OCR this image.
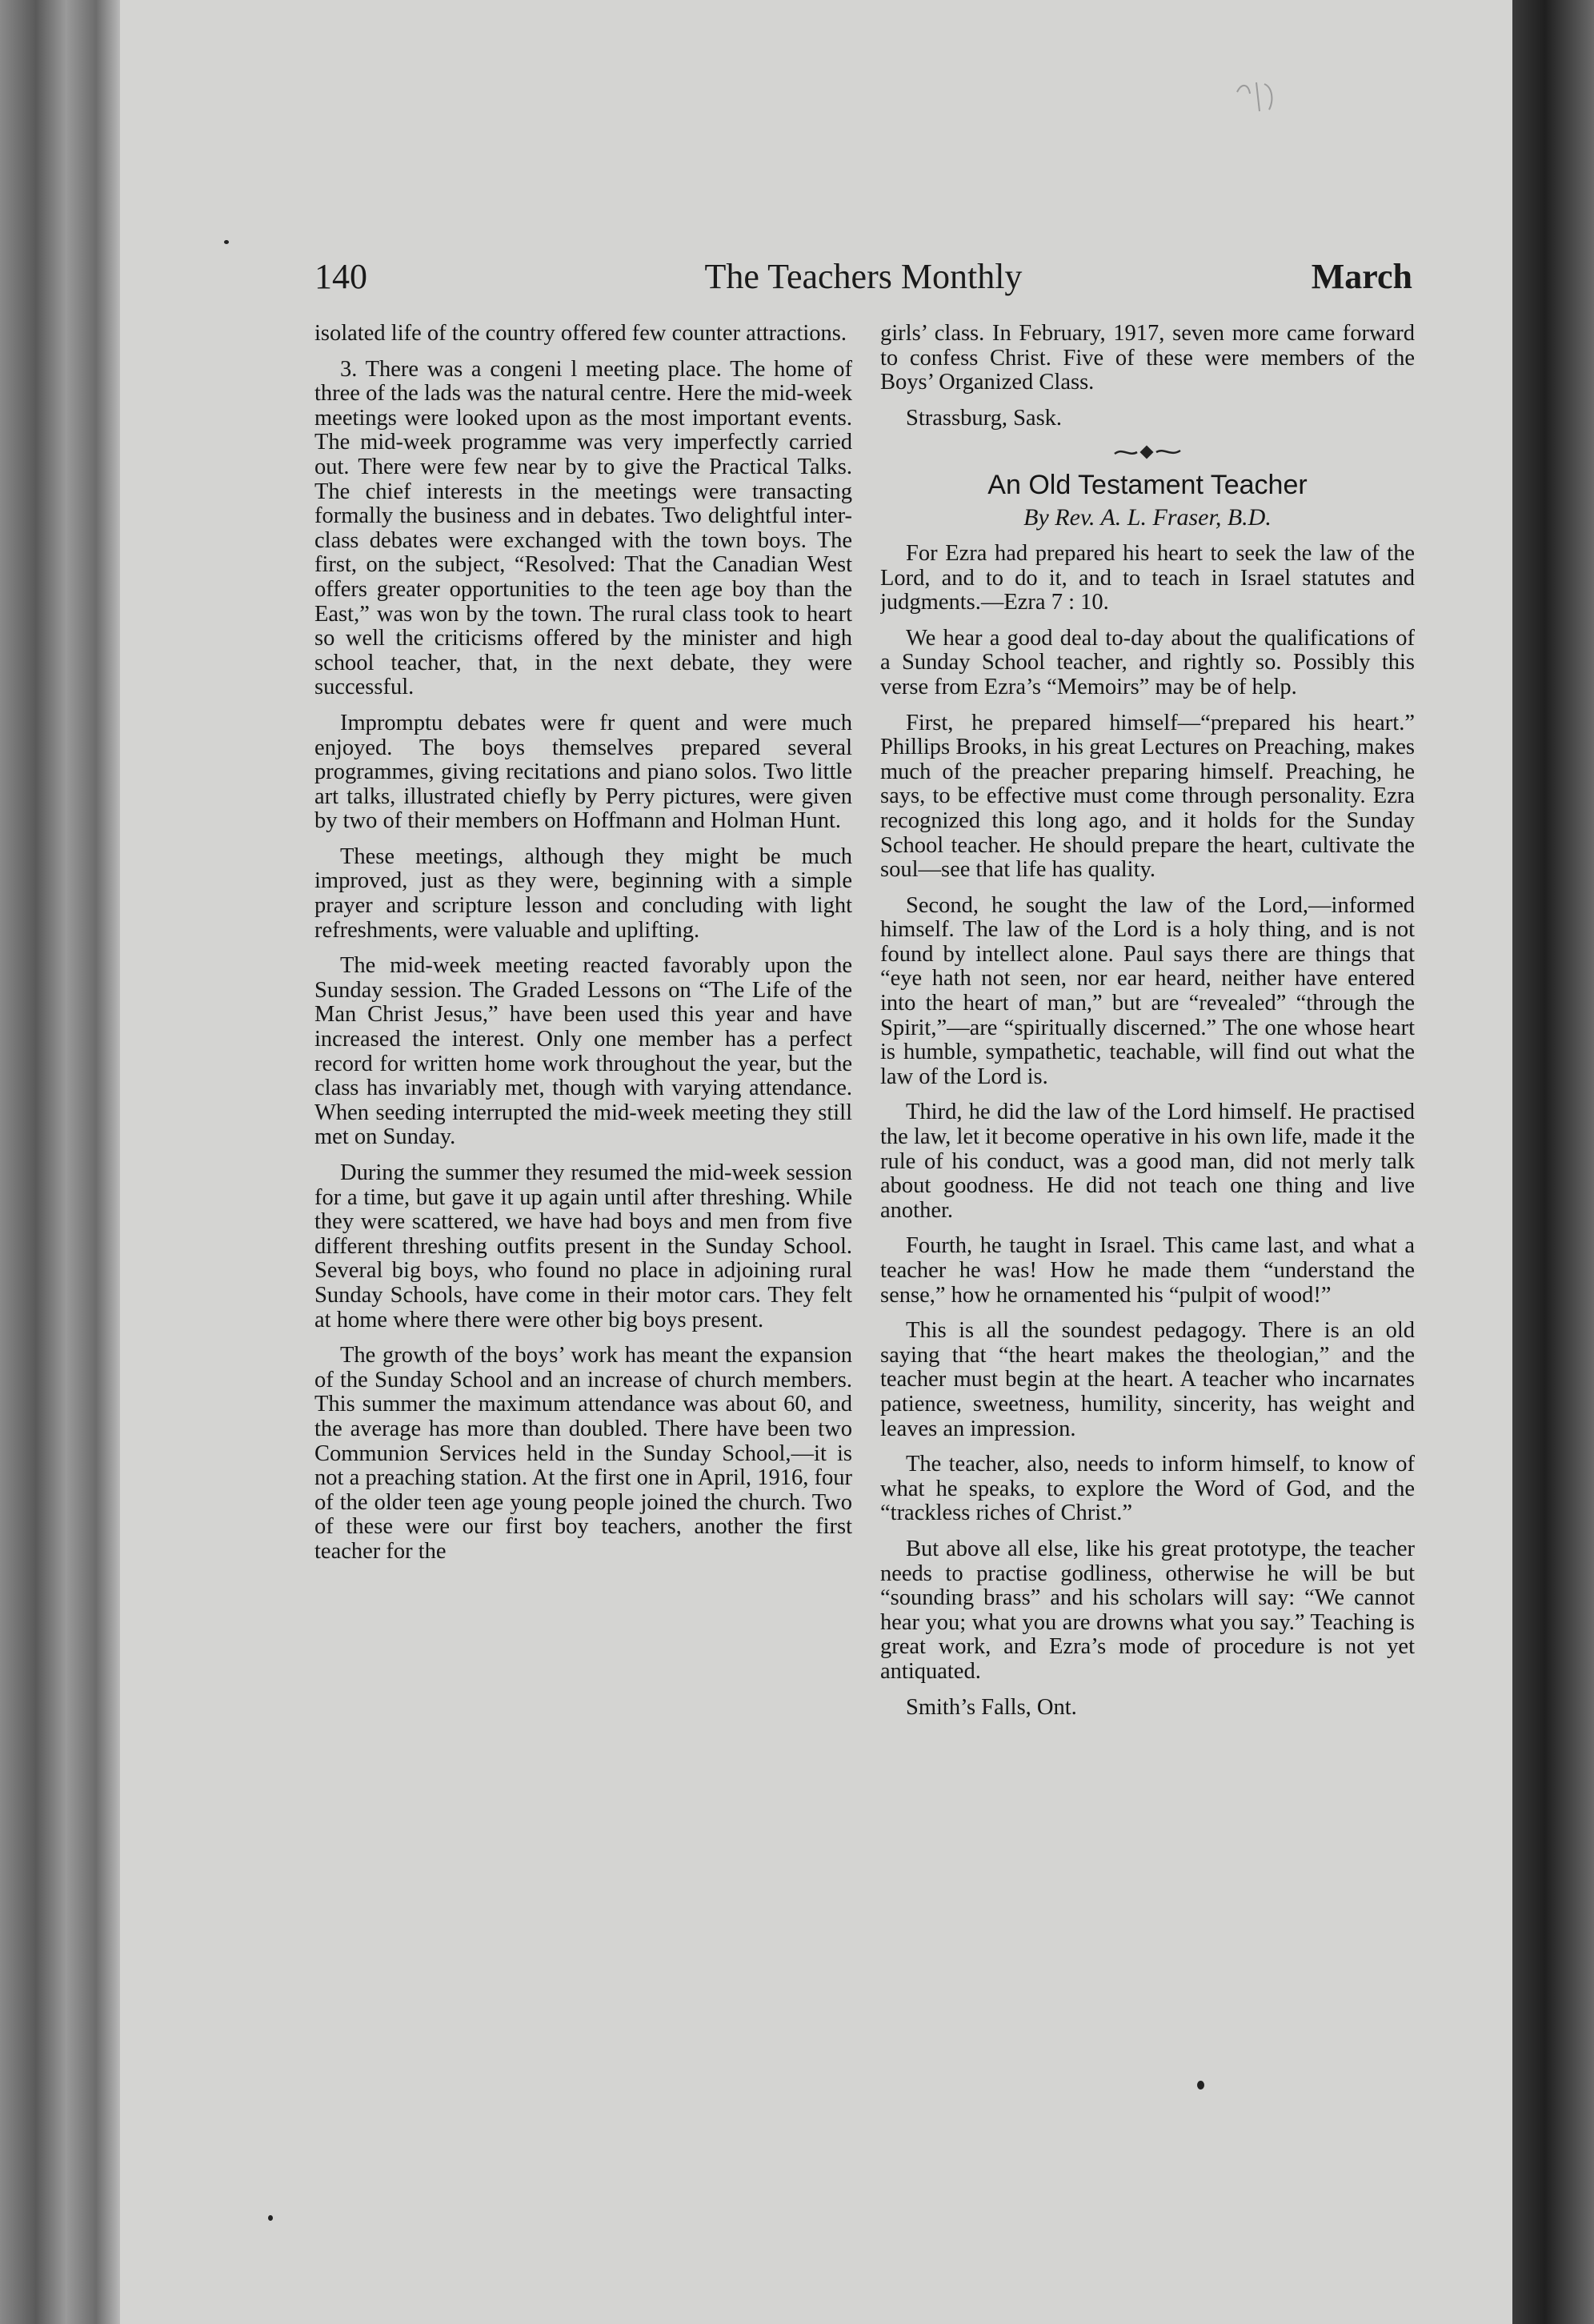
140	The Teachers Monthly	March

isolated life of the country offered few counter attractions.

3. There was a congeni l meeting place. The home of three of the lads was the natural centre. Here the mid-week meetings were looked upon as the most important events. The mid-week programme was very imperfectly carried out. There were few near by to give the Practical Talks. The chief interests in the meetings were transacting formally the business and in debates. Two delightful inter-class debates were exchanged with the town boys. The first, on the subject, “Resolved: That the Canadian West offers greater opportunities to the teen age boy than the East,” was won by the town. The rural class took to heart so well the criticisms offered by the minister and high school teacher, that, in the next debate, they were successful.

Impromptu debates were fr quent and were much enjoyed. The boys themselves prepared several programmes, giving recitations and piano solos. Two little art talks, illustrated chiefly by Perry pictures, were given by two of their members on Hoffmann and Holman Hunt.

These meetings, although they might be much improved, just as they were, beginning with a simple prayer and scripture lesson and concluding with light refreshments, were valuable and uplifting.

The mid-week meeting reacted favorably upon the Sunday session. The Graded Lessons on “The Life of the Man Christ Jesus,” have been used this year and have increased the interest. Only one member has a perfect record for written home work throughout the year, but the class has invariably met, though with varying attendance. When seeding interrupted the mid-week meeting they still met on Sunday.

During the summer they resumed the mid-week session for a time, but gave it up again until after threshing. While they were scattered, we have had boys and men from five different threshing outfits present in the Sunday School. Several big boys, who found no place in adjoining rural Sunday Schools, have come in their motor cars. They felt at home where there were other big boys present.

The growth of the boys’ work has meant the expansion of the Sunday School and an increase of church members. This summer the maximum attendance was about 60, and the average has more than doubled. There have been two Communion Services held in the Sunday School,—it is not a preaching station. At the first one in April, 1916, four of the older teen age young people joined the church. Two of these were our first boy teachers, another the first teacher for the

girls’ class. In February, 1917, seven more came forward to confess Christ. Five of these were members of the Boys’ Organized Class.

Strassburg, Sask.

An Old Testament Teacher
By Rev. A. L. Fraser, B.D.

For Ezra had prepared his heart to seek the law of the Lord, and to do it, and to teach in Israel statutes and judgments.—Ezra 7 : 10.

We hear a good deal to-day about the qualifications of a Sunday School teacher, and rightly so. Possibly this verse from Ezra’s “Memoirs” may be of help.

First, he prepared himself—“prepared his heart.” Phillips Brooks, in his great Lectures on Preaching, makes much of the preacher preparing himself. Preaching, he says, to be effective must come through personality. Ezra recognized this long ago, and it holds for the Sunday School teacher. He should prepare the heart, cultivate the soul—see that life has quality.

Second, he sought the law of the Lord,—informed himself. The law of the Lord is a holy thing, and is not found by intellect alone. Paul says there are things that “eye hath not seen, nor ear heard, neither have entered into the heart of man,” but are “revealed” “through the Spirit,”—are “spiritually discerned.” The one whose heart is humble, sympathetic, teachable, will find out what the law of the Lord is.

Third, he did the law of the Lord himself. He practised the law, let it become operative in his own life, made it the rule of his conduct, was a good man, did not merly talk about goodness. He did not teach one thing and live another.

Fourth, he taught in Israel. This came last, and what a teacher he was! How he made them “understand the sense,” how he ornamented his “pulpit of wood!”

This is all the soundest pedagogy. There is an old saying that “the heart makes the theologian,” and the teacher must begin at the heart. A teacher who incarnates patience, sweetness, humility, sincerity, has weight and leaves an impression.

The teacher, also, needs to inform himself, to know of what he speaks, to explore the Word of God, and the “trackless riches of Christ.”

But above all else, like his great prototype, the teacher needs to practise godliness, otherwise he will be but “sounding brass” and his scholars will say: “We cannot hear you; what you are drowns what you say.” Teaching is great work, and Ezra’s mode of procedure is not yet antiquated.

Smith’s Falls, Ont.
